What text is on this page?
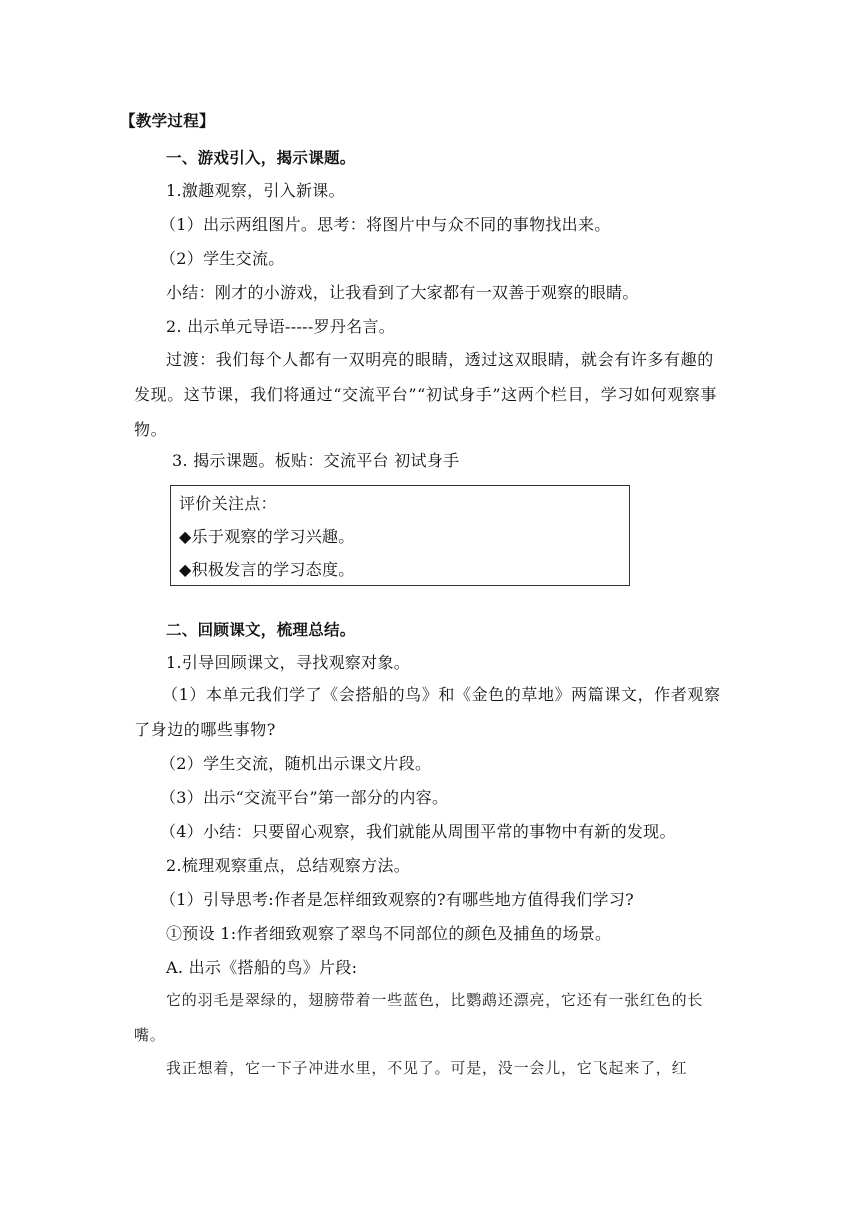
【教学过程】
一、游戏引入，揭示课题。
1.激趣观察，引入新课。
（1）出示两组图片。思考：将图片中与众不同的事物找出来。
（2）学生交流。
小结：刚才的小游戏，让我看到了大家都有一双善于观察的眼睛。
2. 出示单元导语-----罗丹名言。
过渡：我们每个人都有一双明亮的眼睛，透过这双眼睛，就会有许多有趣的发现。这节课，我们将通过“交流平台”“初试身手”这两个栏目，学习如何观察事物。
3. 揭示课题。板贴：交流平台 初试身手
评价关注点：
◆乐于观察的学习兴趣。
◆积极发言的学习态度。
二、回顾课文，梳理总结。
1.引导回顾课文，寻找观察对象。
（1）本单元我们学了《会搭船的鸟》和《金色的草地》两篇课文，作者观察了身边的哪些事物?
（2）学生交流，随机出示课文片段。
（3）出示“交流平台”第一部分的内容。
（4）小结：只要留心观察，我们就能从周围平常的事物中有新的发现。
2.梳理观察重点，总结观察方法。
（1）引导思考:作者是怎样细致观察的?有哪些地方值得我们学习?
①预设 1:作者细致观察了翠鸟不同部位的颜色及捕鱼的场景。
A. 出示《搭船的鸟》片段:
它的羽毛是翠绿的，翅膀带着一些蓝色，比鹦鹉还漂亮，它还有一张红色的长嘴。
我正想着，它一下子冲进水里，不见了。可是，没一会儿，它飞起来了，红
